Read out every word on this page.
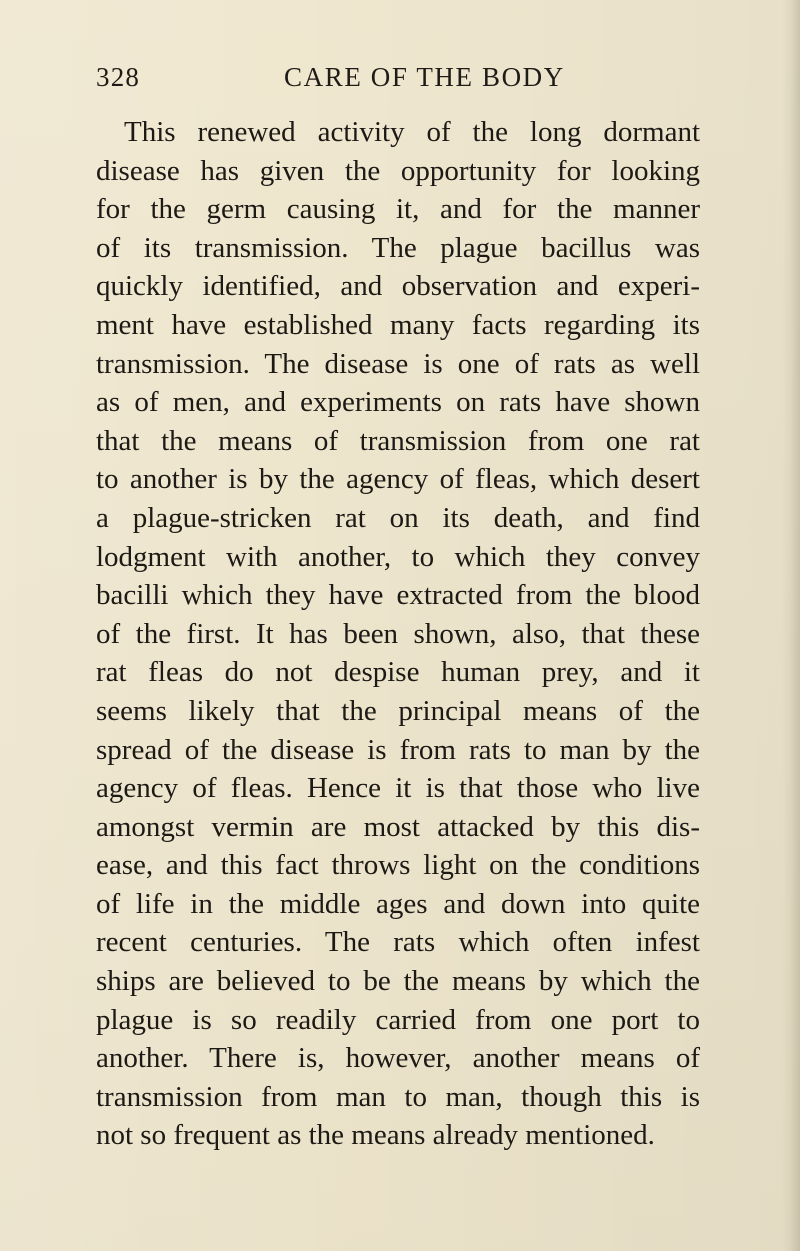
328	CARE OF THE BODY
This renewed activity of the long dormant
disease has given the opportunity for looking
for the germ causing it, and for the manner
of its transmission. The plague bacillus was
quickly identified, and observation and experi-
ment have established many facts regarding its
transmission. The disease is one of rats as well
as of men, and experiments on rats have shown
that the means of transmission from one rat
to another is by the agency of fleas, which desert
a plague-stricken rat on its death, and find
lodgment with another, to which they convey
bacilli which they have extracted from the blood
of the first. It has been shown, also, that these
rat fleas do not despise human prey, and it
seems likely that the principal means of the
spread of the disease is from rats to man by the
agency of fleas. Hence it is that those who live
amongst vermin are most attacked by this dis-
ease, and this fact throws light on the conditions
of life in the middle ages and down into quite
recent centuries. The rats which often infest
ships are believed to be the means by which the
plague is so readily carried from one port to
another. There is, however, another means of
transmission from man to man, though this is
not so frequent as the means already mentioned.
